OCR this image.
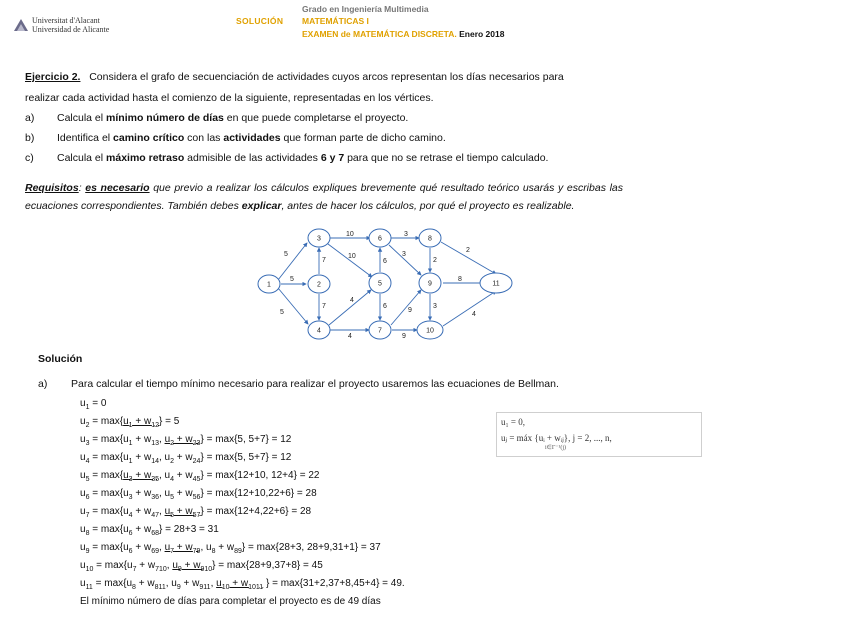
Universitat d'Alacant
Universidad de Alicante
SOLUCIÓN
Grado en Ingeniería Multimedia
MATEMÁTICAS I
EXAMEN de MATEMÁTICA DISCRETA. Enero 2018
Ejercicio 2. Considera el grafo de secuenciación de actividades cuyos arcos representan los días necesarios para
realizar cada actividad hasta el comienzo de la siguiente, representadas en los vértices.
a) Calcula el mínimo número de días en que puede completarse el proyecto.
b) Identifica el camino crítico con las actividades que forman parte de dicho camino.
c) Calcula el máximo retraso admisible de las actividades 6 y 7 para que no se retrase el tiempo calculado.
Requisitos: es necesario que previo a realizar los cálculos expliques brevemente qué resultado teórico usarás y escribas las ecuaciones correspondientes. También debes explicar, antes de hacer los cálculos, por qué el proyecto es realizable.
1	2
3
4
5
6
7
8
9
10
11
5
5
5
7
7
10
10
4
6
3
3
2
2
8
3
6
9
4
4	9
Solución
a) Para calcular el tiempo mínimo necesario para realizar el proyecto usaremos las ecuaciones de Bellman.
$u_1 = 0$
$u_2 = \max\{u_1 + w_{12}\} = 5$
$u_3 = \max\{u_1 + w_{13}$, $u_2 + w_{23}\} = \max\{5$, 5+7} = 12
$u_4 = \max\{u_1 + w_{14}$, $u_2 + w_{24}\} = \max\{5$, 5+7} = 12
$u_5 = \max\{u_3 + w_{35}$, $u_4 + w_{45}\} = \max\{12+10$, 12+4} = 22
$u_6 = \max\{u_3 + w_{36}$, $u_5 + w_{56}\} = \max\{12+10,22+6\} = 28$
$u_7 = \max\{u_4 + w_{47}$, $u_5 + w_{57}\} = \max\{12+4,22+6\} = 28$
$u_8 = \max\{u_6 + w_{68}\} = 28+3 = 31$
$u_9 = \max\{u_6 + w_{69}$, $u_7 + w_{79}$, $u_8 + w_{89}\} = \max\{28+3$, 28+9,31+1} = 37
$u_{10} = \max\{u_7 + w_{710}$, $u_9 + w_{910}\} = \max\{28+9,37+8\} = 45$
$u_{11} = \max\{u_8 + w_{811}$, $u_9 + w_{911}$, $u_{10} + w_{1011}$ } = max{31+2,37+8,45+4} = 49.
El mínimo número de días para completar el proyecto es de 49 días
u₁ = 0,
uⱼ = máx {uᵢ + wᵢⱼ}, j = 2, ..., n,
i∈Γ⁻¹(j)
